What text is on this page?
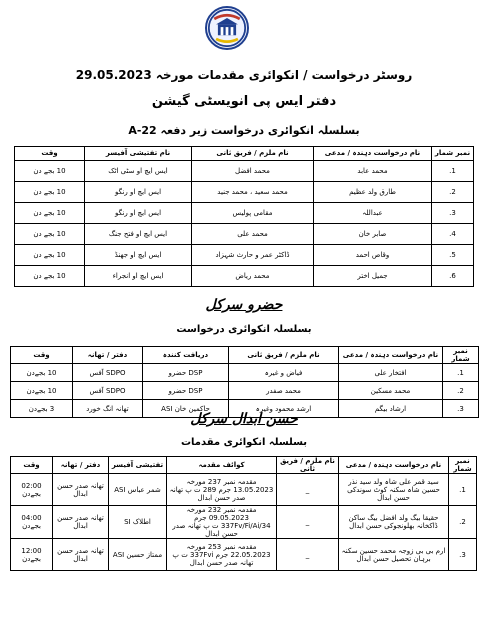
روسٹر درخواست / انکوائری مقدمات مورخہ 29.05.2023
دفتر ایس پی انویسٹی گیشن
بسلسلہ انکوائری درخواست زیر دفعہ 22-A
نمبر شمار	نام درخواست دہندہ / مدعی	نام ملزم / فریق ثانی	نام تفتیشی آفیسر	وقت
1.	محمد عابد	محمد افضل	ایس ایچ او سٹی اٹک	10 بجے دن
2.	طارق ولد عظیم	محمد سعید ، محمد جنید	ایس ایچ او رنگو	10 بجے دن
3.	عبداللہ	مقامی پولیس	ایس ایچ او رنگو	10 بجے دن
4.	صابر خان	محمد علی	ایس ایچ او فتح جنگ	10 بجے دن
5.	وقاص احمد	ڈاکٹر عمر و حارث شہزاد	ایس ایچ او جھنڈ	10 بجے دن
6.	جمیل اختر	محمد ریاض	ایس ایچ او انجراء	10 بجے دن
حضرو سرکل
بسلسلہ انکوائری درخواست
نمبر شمار	نام درخواست دہندہ / مدعی	نام ملزم / فریق ثانی	دریافت کنندہ	دفتر / تھانہ	وقت
1.	افتخار علی	فیاض و غیرہ	DSP حضرو	SDPO آفس	10 بجےدن
2.	محمد مسکین	محمد صفدر	DSP حضرو	SDPO آفس	10 بجےدن
3.	ارشاد بیگم	ارشد محمود وغیرہ	حاکمین خان ASI	تھانہ انگ خورد	3 بجےدن
حسن ابدال سرکل
بسلسلہ انکوائری مقدمات
نمبر شمار	نام درخواست دہندہ / مدعی	نام ملزم / فریق ثانی	کوائف مقدمہ	تفتیشی آفیسر	دفتر / تھانہ	وقت
1.	سید قمر علی شاہ ولد سید نذر حسین شاہ سکنہ کوٹ سوندکی حسن ابدال	_	مقدمہ نمبر 237 مورخہ 13.05.2023 جرم 289 ت پ تھانہ صدر حسن ابدال	شمر عباس ASI	تھانہ صدر حسن ابدال	02:00 بجےدن
2.	حقیقا بیگ ولد افضل بیگ ساکن ڈاکخانہ بھلونجوکی حسن ابدال	_	مقدمہ نمبر 232 مورخہ 09.05.2023 جرم 337Fv/Fi/Ai/34 ت پ تھانہ صدر حسن ابدال	اطلاک SI	تھانہ صدر حسن ابدال	04:00 بجےدن
3.	ارم بی بی زوجہ محمد حسین سکنہ برہان تحصیل حسن ابدال	_	مقدمہ نمبر 253 مورخہ 22.05.2023 جرم 337Fvi ت پ تھانہ صدر حسن ابدال	ممتاز حسین ASI	تھانہ صدر حسن ابدال	12:00 بجےدن
